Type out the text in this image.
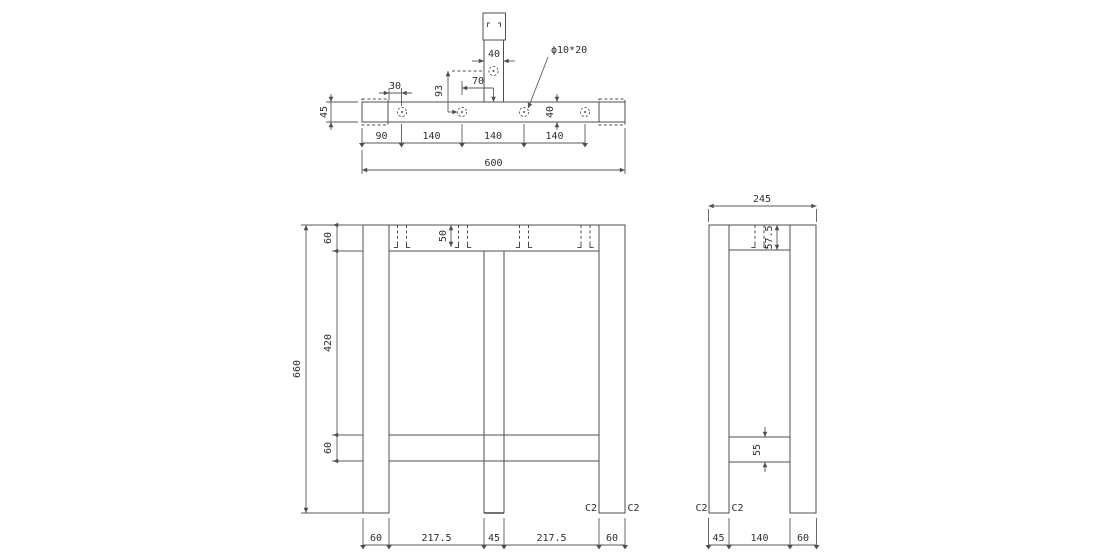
45
30	93
70
ϕ10*20
40
40
90	140	140	140
600
50
60
420
60
660
60	217.5	45	217.5	60
C2	C2
245
57.5
55
45	140	60
C2 C2
